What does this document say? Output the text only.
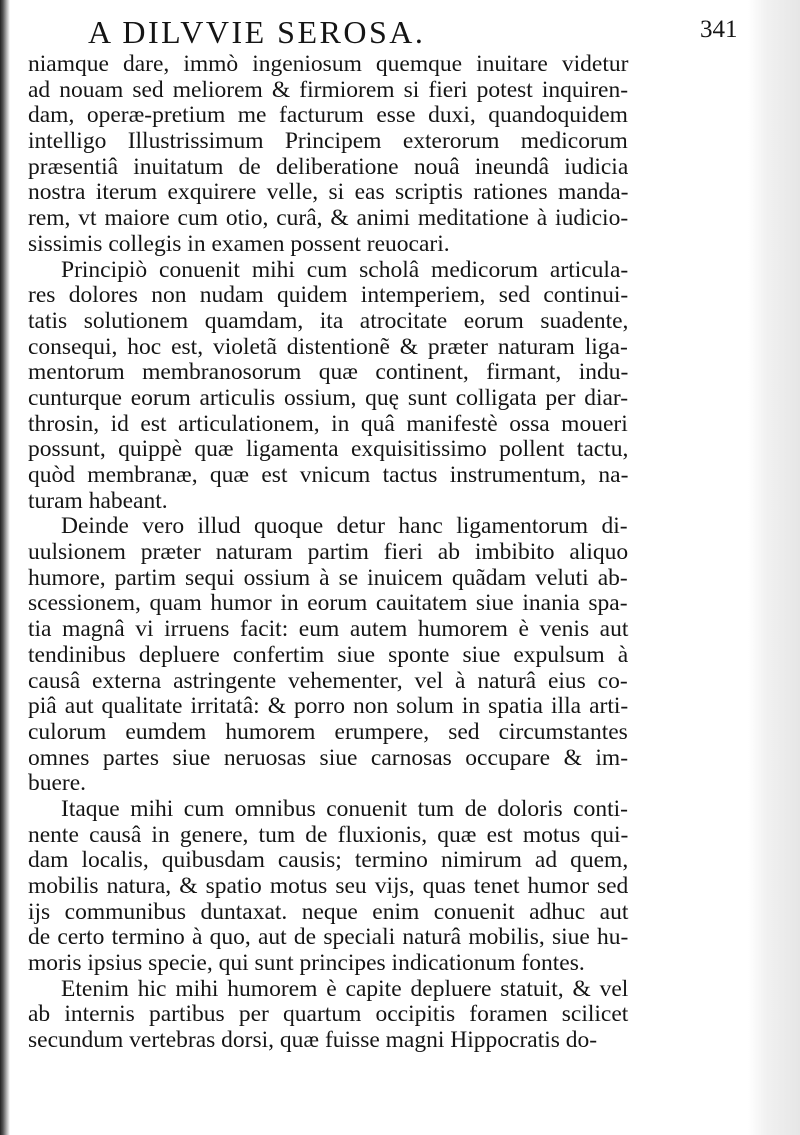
A DILVVIE SEROSA.	341
niamque dare, immò ingeniosum quemque inuitare videtur
ad nouam sed meliorem & firmiorem si fieri potest inquiren-
dam, operæ-pretium me facturum esse duxi, quandoquidem
intelligo Illustrissimum Principem exterorum medicorum
præsentiâ inuitatum de deliberatione nouâ ineundâ iudicia
nostra iterum exquirere velle, si eas scriptis rationes manda-
rem, vt maiore cum otio, curâ, & animi meditatione à iudicio-
sissimis collegis in examen possent reuocari.
Principiò conuenit mihi cum scholâ medicorum articula-
res dolores non nudam quidem intemperiem, sed continui-
tatis solutionem quamdam, ita atrocitate eorum suadente,
consequi, hoc est, violetã distentionẽ & præter naturam liga-
mentorum membranosorum quæ continent, firmant, indu-
cunturque eorum articulis ossium, quę sunt colligata per diar-
throsin, id est articulationem, in quâ manifestè ossa moueri
possunt, quippè quæ ligamenta exquisitissimo pollent tactu,
quòd membranæ, quæ est vnicum tactus instrumentum, na-
turam habeant.
Deinde vero illud quoque detur hanc ligamentorum di-
uulsionem præter naturam partim fieri ab imbibito aliquo
humore, partim sequi ossium à se inuicem quãdam veluti ab-
scessionem, quam humor in eorum cauitatem siue inania spa-
tia magnâ vi irruens facit: eum autem humorem è venis aut
tendinibus depluere confertim siue sponte siue expulsum à
causâ externa astringente vehementer, vel à naturâ eius co-
piâ aut qualitate irritatâ: & porro non solum in spatia illa arti-
culorum eumdem humorem erumpere, sed circumstantes
omnes partes siue neruosas siue carnosas occupare & im-
buere.
Itaque mihi cum omnibus conuenit tum de doloris conti-
nente causâ in genere, tum de fluxionis, quæ est motus qui-
dam localis, quibusdam causis; termino nimirum ad quem,
mobilis natura, & spatio motus seu vijs, quas tenet humor sed
ijs communibus duntaxat. neque enim conuenit adhuc aut
de certo termino à quo, aut de speciali naturâ mobilis, siue hu-
moris ipsius specie, qui sunt principes indicationum fontes.
Etenim hic mihi humorem è capite depluere statuit, & vel
ab internis partibus per quartum occipitis foramen scilicet
secundum vertebras dorsi, quæ fuisse magni Hippocratis do-
